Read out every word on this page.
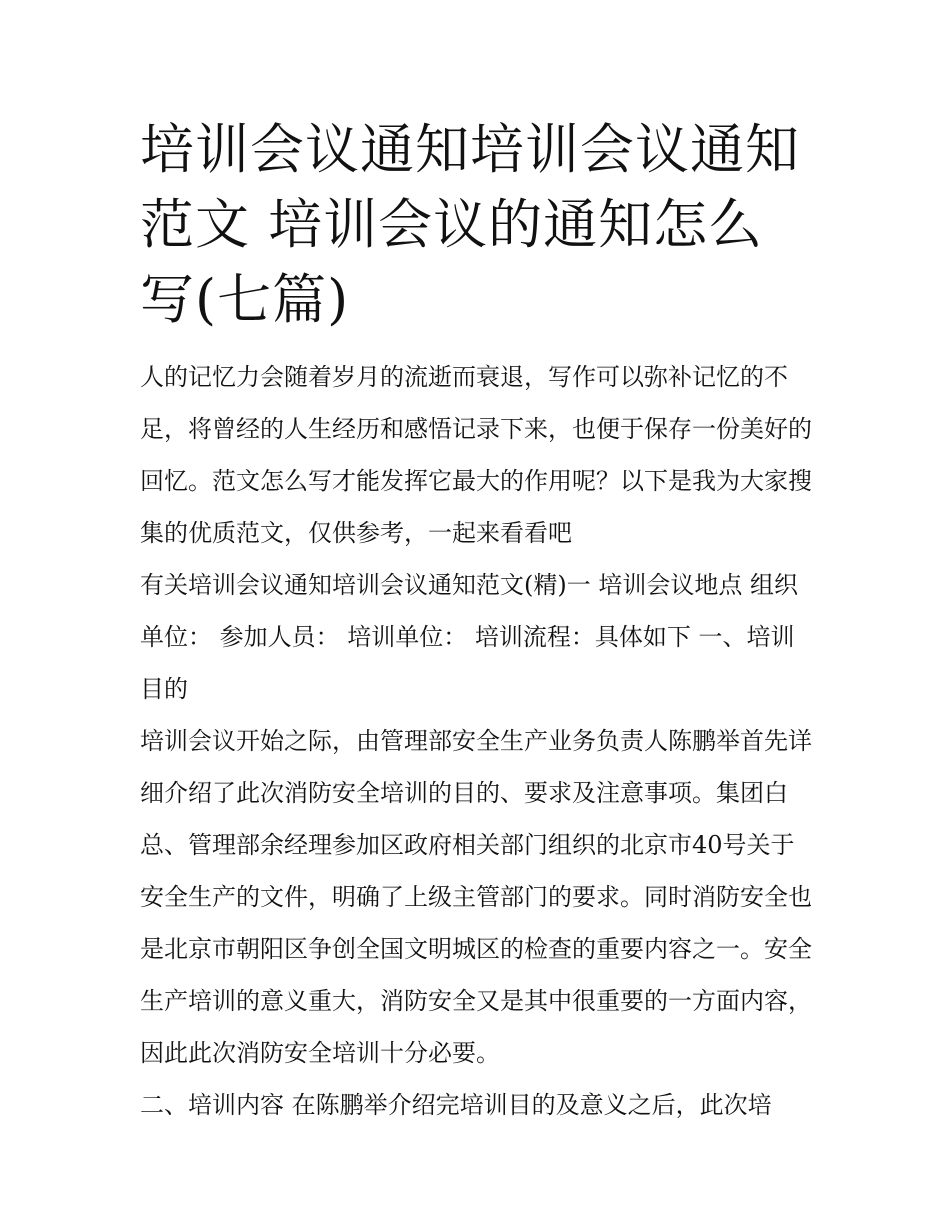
培训会议通知培训会议通知范文 培训会议的通知怎么写(七篇)

人的记忆力会随着岁月的流逝而衰退，写作可以弥补记忆的不足，将曾经的人生经历和感悟记录下来，也便于保存一份美好的回忆。范文怎么写才能发挥它最大的作用呢？以下是我为大家搜集的优质范文，仅供参考，一起来看看吧

有关培训会议通知培训会议通知范文(精)一 培训会议地点 组织单位： 参加人员： 培训单位： 培训流程：具体如下 一、培训目的

培训会议开始之际，由管理部安全生产业务负责人陈鹏举首先详细介绍了此次消防安全培训的目的、要求及注意事项。集团白总、管理部余经理参加区政府相关部门组织的北京市40号关于安全生产的文件，明确了上级主管部门的要求。同时消防安全也是北京市朝阳区争创全国文明城区的检查的重要内容之一。安全生产培训的意义重大，消防安全又是其中很重要的一方面内容，因此此次消防安全培训十分必要。

二、培训内容 在陈鹏举介绍完培训目的及意义之后，此次培
